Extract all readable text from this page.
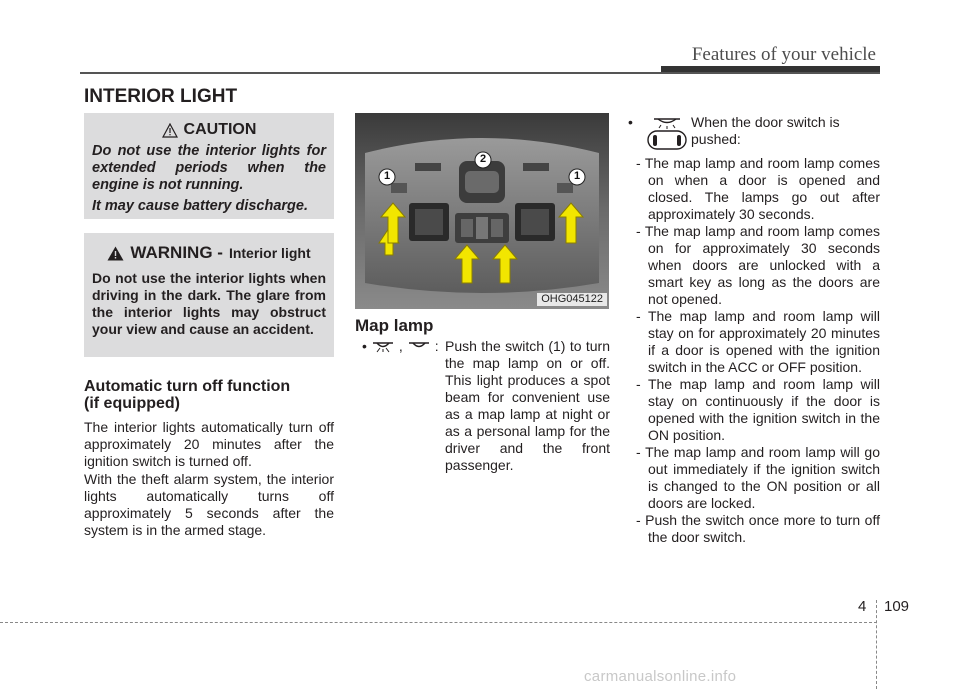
Features of your vehicle
INTERIOR LIGHT
CAUTION

Do not use the interior lights for extended periods when the engine is not running.

It may cause battery discharge.

WARNING - Interior light
Do not use the interior lights when driving in the dark. The glare from the interior lights may obstruct your view and cause an accident.
Automatic turn off function
(if equipped)
The interior lights automatically turn off approximately 20 minutes after the ignition switch is turned off.
With the theft alarm system, the interior lights automatically turns off approximately 5 seconds after the system is in the armed stage.
1
2
1
OHG045122
Map lamp
• , : Push the switch (1) to turn the map lamp on or off. This light produces a spot beam for convenient use as a map lamp at night or as a personal lamp for the driver and the front passenger.
•	When the door switch is pushed:

- The map lamp and room lamp comes on when a door is opened and closed. The lamps go out after approximately 30 seconds.

- The map lamp and room lamp comes on for approximately 30 seconds when doors are unlocked with a smart key as long as the doors are not opened.

- The map lamp and room lamp will stay on for approximately 20 minutes if a door is opened with the ignition switch in the ACC or OFF position.

- The map lamp and room lamp will stay on continuously if the door is opened with the ignition switch in the ON position.

- The map lamp and room lamp will go out immediately if the ignition switch is changed to the ON position or all doors are locked.

- Push the switch once more to turn off the door switch.

4 109
carmanualsonline.info
